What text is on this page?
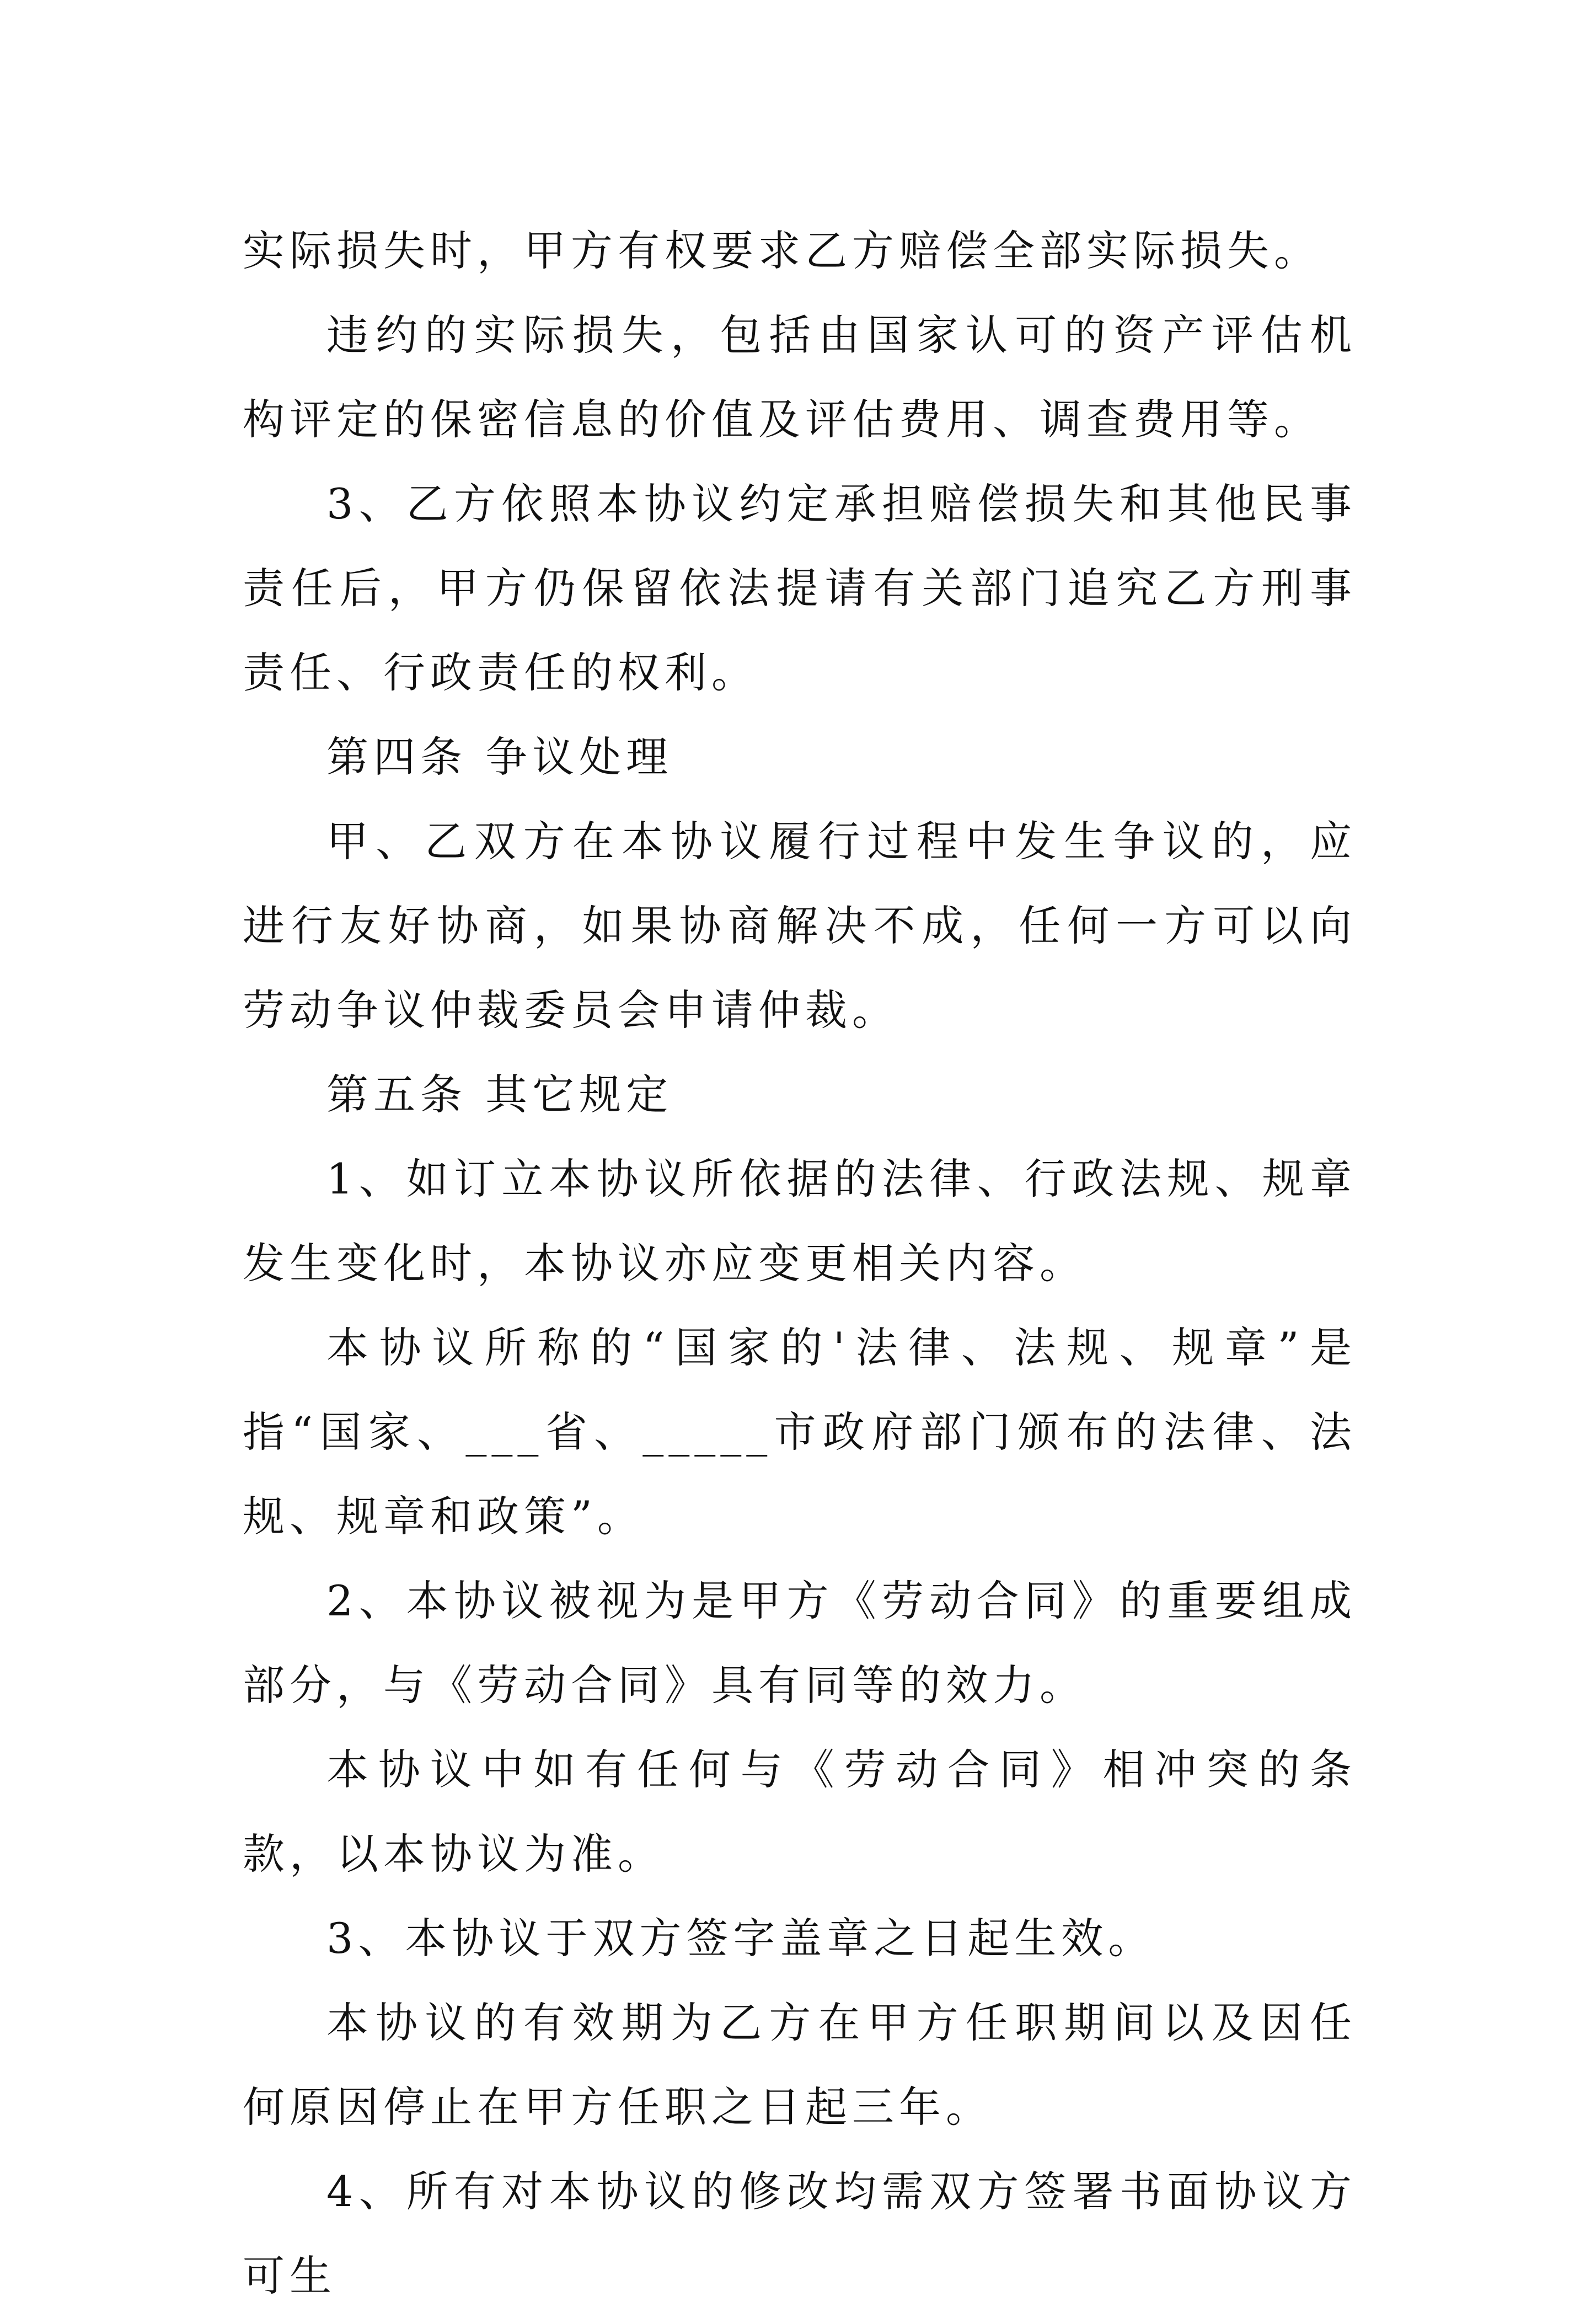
实际损失时，甲方有权要求乙方赔偿全部实际损失。

违约的实际损失，包括由国家认可的资产评估机构评定的保密信息的价值及评估费用、调查费用等。

3、乙方依照本协议约定承担赔偿损失和其他民事责任后，甲方仍保留依法提请有关部门追究乙方刑事责任、行政责任的权利。

第四条 争议处理

甲、乙双方在本协议履行过程中发生争议的，应进行友好协商，如果协商解决不成，任何一方可以向劳动争议仲裁委员会申请仲裁。

第五条 其它规定

1、如订立本协议所依据的法律、行政法规、规章发生变化时，本协议亦应变更相关内容。

本协议所称的“国家的'法律、法规、规章”是指“国家、___省、_____市政府部门颁布的法律、法规、规章和政策”。

2、本协议被视为是甲方《劳动合同》的重要组成部分，与《劳动合同》具有同等的效力。

本协议中如有任何与《劳动合同》相冲突的条款，以本协议为准。

3、本协议于双方签字盖章之日起生效。

本协议的有效期为乙方在甲方任职期间以及因任何原因停止在甲方任职之日起三年。

4、所有对本协议的修改均需双方签署书面协议方可生
